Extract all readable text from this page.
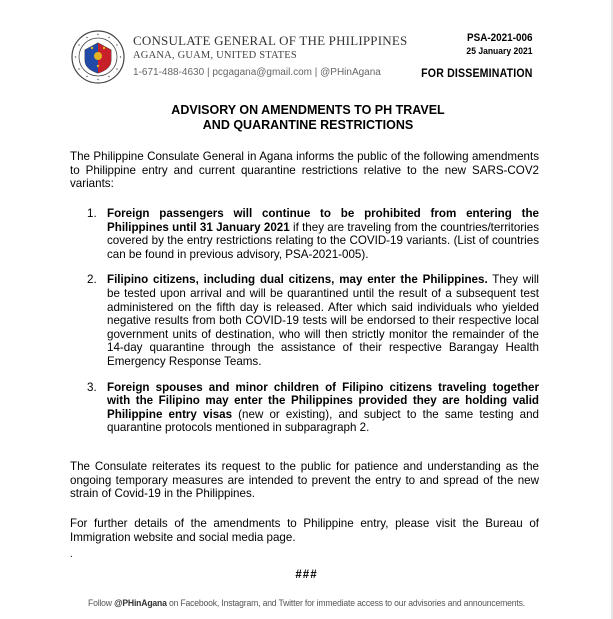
CONSULATE GENERAL OF THE PHILIPPINES
AGANA, GUAM, UNITED STATES
1-671-488-4630 | pcgagana@gmail.com | @PHinAgana
PSA-2021-006
25 January 2021
FOR DISSEMINATION
ADVISORY ON AMENDMENTS TO PH TRAVEL
AND QUARANTINE RESTRICTIONS
The Philippine Consulate General in Agana informs the public of the following amendments to Philippine entry and current quarantine restrictions relative to the new SARS-COV2 variants:
1. Foreign passengers will continue to be prohibited from entering the Philippines until 31 January 2021 if they are traveling from the countries/territories covered by the entry restrictions relating to the COVID-19 variants. (List of countries can be found in previous advisory, PSA-2021-005).
2. Filipino citizens, including dual citizens, may enter the Philippines. They will be tested upon arrival and will be quarantined until the result of a subsequent test administered on the fifth day is released. After which said individuals who yielded negative results from both COVID-19 tests will be endorsed to their respective local government units of destination, who will then strictly monitor the remainder of the 14-day quarantine through the assistance of their respective Barangay Health Emergency Response Teams.
3. Foreign spouses and minor children of Filipino citizens traveling together with the Filipino may enter the Philippines provided they are holding valid Philippine entry visas (new or existing), and subject to the same testing and quarantine protocols mentioned in subparagraph 2.
The Consulate reiterates its request to the public for patience and understanding as the ongoing temporary measures are intended to prevent the entry to and spread of the new strain of Covid-19 in the Philippines.
For further details of the amendments to Philippine entry, please visit the Bureau of Immigration website and social media page.
.
###
Follow @PHinAgana on Facebook, Instagram, and Twitter for immediate access to our advisories and announcements.
